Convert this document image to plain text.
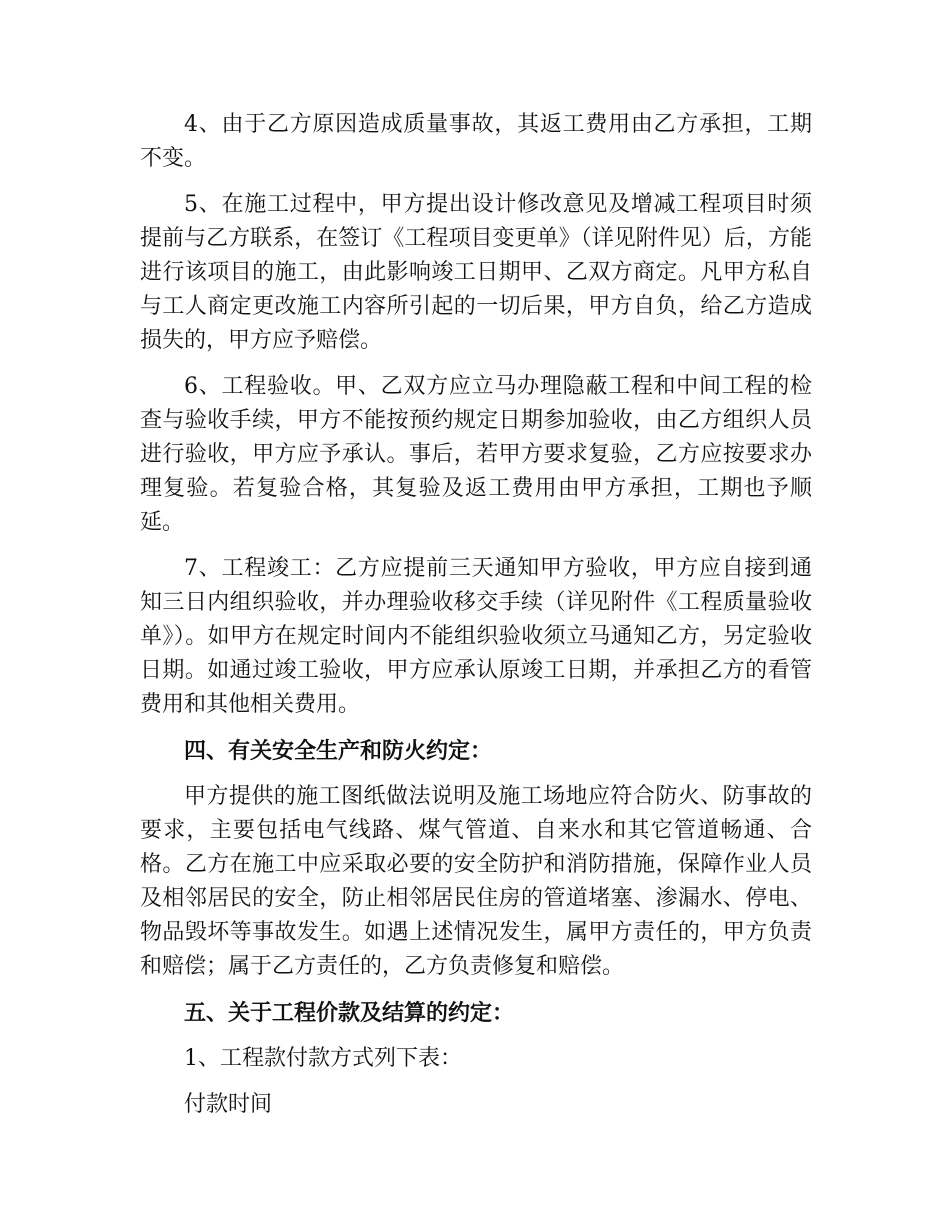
4、由于乙方原因造成质量事故，其返工费用由乙方承担，工期不变。

5、在施工过程中，甲方提出设计修改意见及增减工程项目时须提前与乙方联系，在签订《工程项目变更单》（详见附件见）后，方能进行该项目的施工，由此影响竣工日期甲、乙双方商定。凡甲方私自与工人商定更改施工内容所引起的一切后果，甲方自负，给乙方造成损失的，甲方应予赔偿。

6、工程验收。甲、乙双方应立马办理隐蔽工程和中间工程的检查与验收手续，甲方不能按预约规定日期参加验收，由乙方组织人员进行验收，甲方应予承认。事后，若甲方要求复验，乙方应按要求办理复验。若复验合格，其复验及返工费用由甲方承担，工期也予顺延。

7、工程竣工：乙方应提前三天通知甲方验收，甲方应自接到通知三日内组织验收，并办理验收移交手续（详见附件《工程质量验收单》）。如甲方在规定时间内不能组织验收须立马通知乙方，另定验收日期。如通过竣工验收，甲方应承认原竣工日期，并承担乙方的看管费用和其他相关费用。

四、有关安全生产和防火约定：

甲方提供的施工图纸做法说明及施工场地应符合防火、防事故的要求，主要包括电气线路、煤气管道、自来水和其它管道畅通、合格。乙方在施工中应采取必要的安全防护和消防措施，保障作业人员及相邻居民的安全，防止相邻居民住房的管道堵塞、渗漏水、停电、物品毁坏等事故发生。如遇上述情况发生，属甲方责任的，甲方负责和赔偿；属于乙方责任的，乙方负责修复和赔偿。

五、关于工程价款及结算的约定：

1、工程款付款方式列下表：

付款时间
